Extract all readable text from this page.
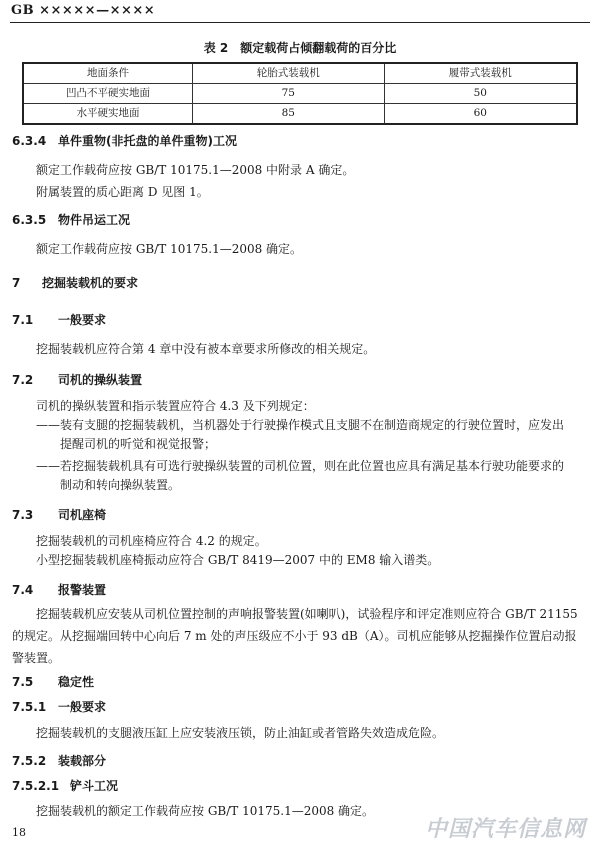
GB ×××××—××××
表 2　额定载荷占倾翻载荷的百分比
地面条件	轮胎式装载机	履带式装载机
凹凸不平硬实地面	75	50
水平硬实地面	85	60
6.3.4 单件重物(非托盘的单件重物)工况
额定工作载荷应按 GB/T 10175.1—2008 中附录 A 确定。
附属装置的质心距离 D 见图 1。
6.3.5 物件吊运工况
额定工作载荷应按 GB/T 10175.1—2008 确定。
7 挖掘装载机的要求
7.1 一般要求
挖掘装载机应符合第 4 章中没有被本章要求所修改的相关规定。
7.2 司机的操纵装置
司机的操纵装置和指示装置应符合 4.3 及下列规定：
——装有支腿的挖掘装载机，当机器处于行驶操作模式且支腿不在制造商规定的行驶位置时，应发出
提醒司机的听觉和视觉报警；
——若挖掘装载机具有可选行驶操纵装置的司机位置，则在此位置也应具有满足基本行驶功能要求的
制动和转向操纵装置。
7.3 司机座椅
挖掘装载机的司机座椅应符合 4.2 的规定。
小型挖掘装载机座椅振动应符合 GB/T 8419—2007 中的 EM8 输入谱类。
7.4 报警装置
挖掘装载机应安装从司机位置控制的声响报警装置(如喇叭)，试验程序和评定准则应符合 GB/T 21155
的规定。从挖掘端回转中心向后 7 m 处的声压级应不小于 93 dB（A）。司机应能够从挖掘操作位置启动报
警装置。
7.5 稳定性
7.5.1 一般要求
挖掘装载机的支腿液压缸上应安装液压锁，防止油缸或者管路失效造成危险。
7.5.2 装载部分
7.5.2.1 铲斗工况
挖掘装载机的额定工作载荷应按 GB/T 10175.1—2008 确定。
18	中国汽车信息网
